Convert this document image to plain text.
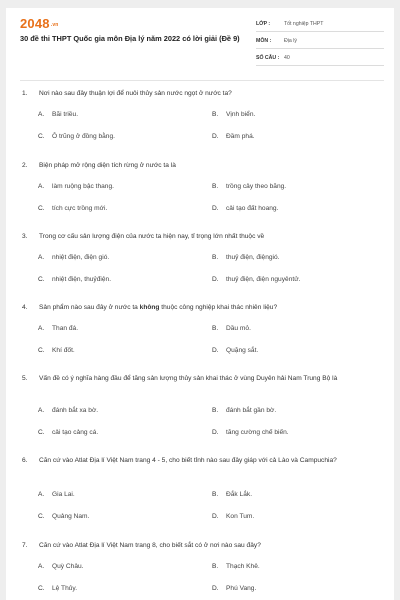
2048.vn
30 đề thi THPT Quốc gia môn Địa lý năm 2022 có lời giải (Đề 9)
LỚP :	Tốt nghiệp THPT
MÔN :	Địa lý
SỐ CÂU : 40
1.	Nơi nào sau đây thuận lợi để nuôi thủy sản nước ngọt ở nước ta?
A. Bãi triều.	B. Vịnh biển.
C. Ô trũng ở đồng bằng.	D. Đầm phá.
2.	Biện pháp mở rộng diện tích rừng ở nước ta là
A. làm ruộng bậc thang.	B. trồng cây theo băng.
C. tích cực trồng mới.	D. cải tạo đất hoang.
3.	Trong cơ cấu sản lượng điện của nước ta hiện nay, tỉ trọng lớn nhất thuộc về
A. nhiệt điện, điện gió.	B. thuỷ điện, điệngió.
C. nhiệt điện, thuỷđiện.	D. thuỷ điện, điện nguyêntử.
4.	Sản phẩm nào sau đây ở nước ta không thuộc công nghiệp khai thác nhiên liệu?
A. Than đá.	B. Dầu mỏ.
C. Khí đốt.	D. Quặng sắt.
5.	Vấn đề có ý nghĩa hàng đầu để tăng sản lượng thủy sản khai thác ở vùng Duyên hải Nam Trung Bộ là
A. đánh bắt xa bờ.	B. đánh bắt gần bờ.
C. cải tạo cảng cá.	D. tăng cường chế biến.
6.	Căn cứ vào Atlat Địa lí Việt Nam trang 4 - 5, cho biết tỉnh nào sau đây giáp với cả Lào và Campuchia?
A. Gia Lai.	B. Đắk Lắk.
C. Quảng Nam.	D. Kon Tum.
7.	Căn cứ vào Atlat Địa lí Việt Nam trang 8, cho biết sắt có ở nơi nào sau đây?
A. Quỳ Châu.	B. Thạch Khê.
C. Lệ Thủy.	D. Phú Vang.
